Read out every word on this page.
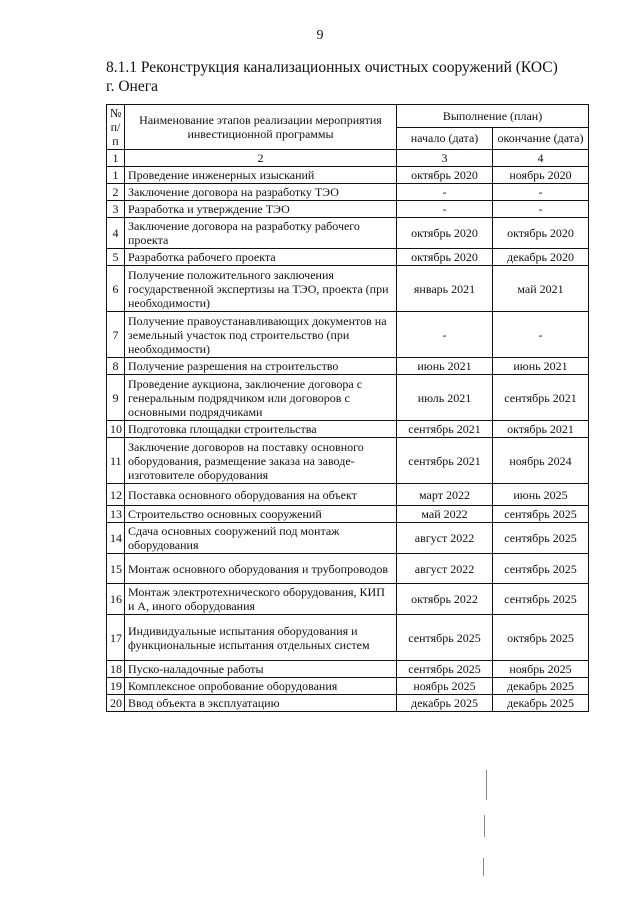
9
8.1.1 Реконструкция канализационных очистных сооружений (КОС)
г. Онега
№ п/п	Наименование этапов реализации мероприятия инвестиционной программы	Выполнение (план)	
		начало (дата)	окончание (дата)
1	2	3	4
1	Проведение инженерных изысканий	октябрь 2020	ноябрь 2020
2	Заключение договора на разработку ТЭО	-	-
3	Разработка и утверждение ТЭО	-	-
4	Заключение договора на разработку рабочего проекта	октябрь 2020	октябрь 2020
5	Разработка рабочего проекта	октябрь 2020	декабрь 2020
6	Получение положительного заключения государственной экспертизы на ТЭО, проекта (при необходимости)	январь 2021	май 2021
7	Получение правоустанавливающих документов на земельный участок под строительство (при необходимости)	-	-
8	Получение разрешения на строительство	июнь 2021	июнь 2021
9	Проведение аукциона, заключение договора с генеральным подрядчиком или договоров с основными подрядчиками	июль 2021	сентябрь 2021
10	Подготовка площадки строительства	сентябрь 2021	октябрь 2021
11	Заключение договоров на поставку основного оборудования, размещение заказа на заводе-изготовителе оборудования	сентябрь 2021	ноябрь 2024
12	Поставка основного оборудования на объект	март 2022	июнь 2025
13	Строительство основных сооружений	май 2022	сентябрь 2025
14	Сдача основных сооружений под монтаж оборудования	август 2022	сентябрь 2025
15	Монтаж основного оборудования и трубопроводов	август 2022	сентябрь 2025
16	Монтаж электротехнического оборудования, КИП и А, иного оборудования	октябрь 2022	сентябрь 2025
17	Индивидуальные испытания оборудования и функциональные испытания отдельных систем	сентябрь 2025	октябрь 2025
18	Пуско-наладочные работы	сентябрь 2025	ноябрь 2025
19	Комплексное опробование оборудования	ноябрь 2025	декабрь 2025
20	Ввод объекта в эксплуатацию	декабрь 2025	декабрь 2025
